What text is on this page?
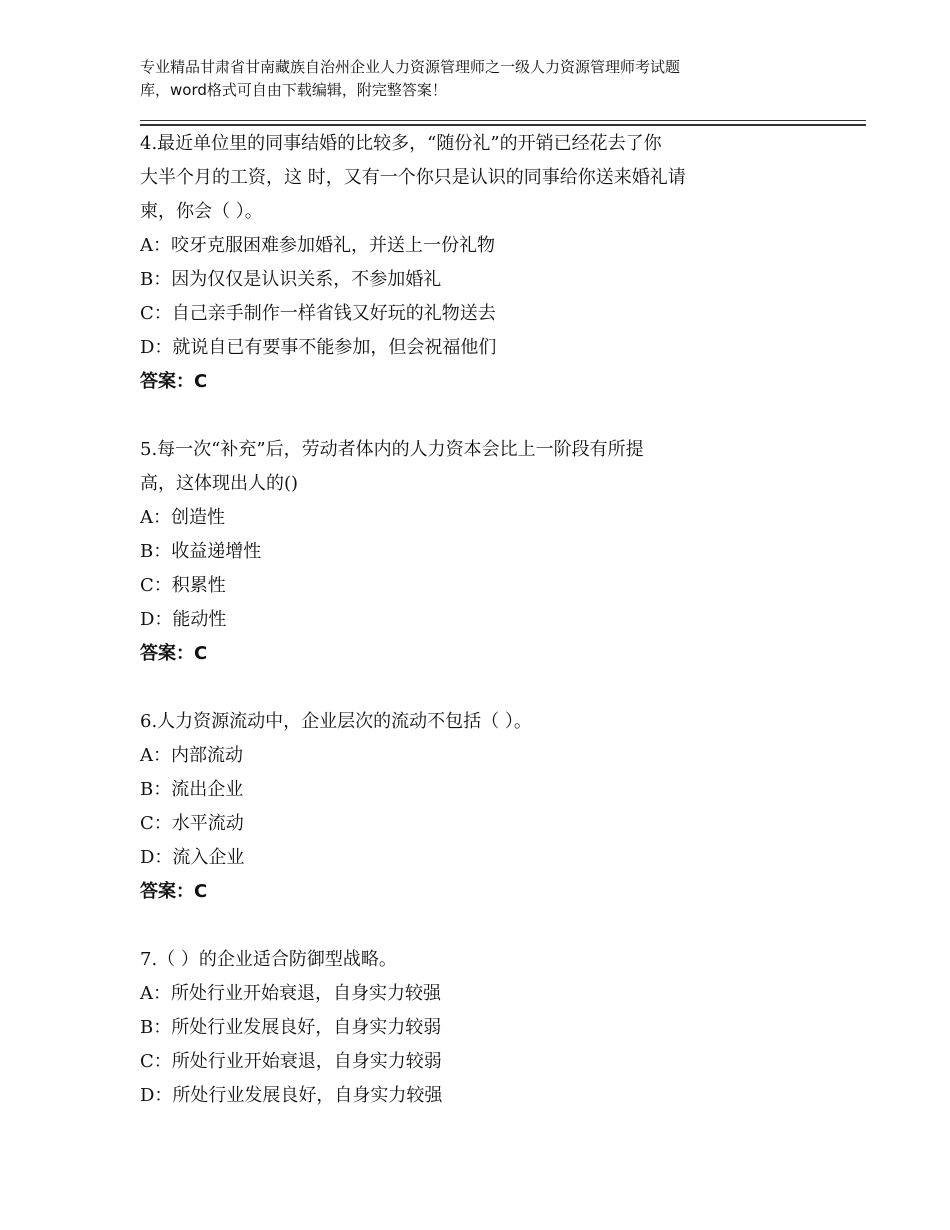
专业精品甘肃省甘南藏族自治州企业人力资源管理师之一级人力资源管理师考试题
库，word格式可自由下载编辑，附完整答案！

4.最近单位里的同事结婚的比较多，“随份礼”的开销已经花去了你

大半个月的工资，这 时，又有一个你只是认识的同事给你送来婚礼请

柬，你会（ ）。

A：咬牙克服困难参加婚礼，并送上一份礼物

B：因为仅仅是认识关系，不参加婚礼

C：自己亲手制作一样省钱又好玩的礼物送去

D：就说自已有要事不能参加，但会祝福他们

答案：C

5.每一次“补充”后，劳动者体内的人力资本会比上一阶段有所提

高，这体现出人的()

A：创造性

B：收益递增性

C：积累性

D：能动性

答案：C

6.人力资源流动中，企业层次的流动不包括（ ）。

A：内部流动

B：流出企业

C：水平流动

D：流入企业

答案：C

7.（ ）的企业适合防御型战略。

A：所处行业开始衰退，自身实力较强

B：所处行业发展良好，自身实力较弱

C：所处行业开始衰退，自身实力较弱

D：所处行业发展良好，自身实力较强
